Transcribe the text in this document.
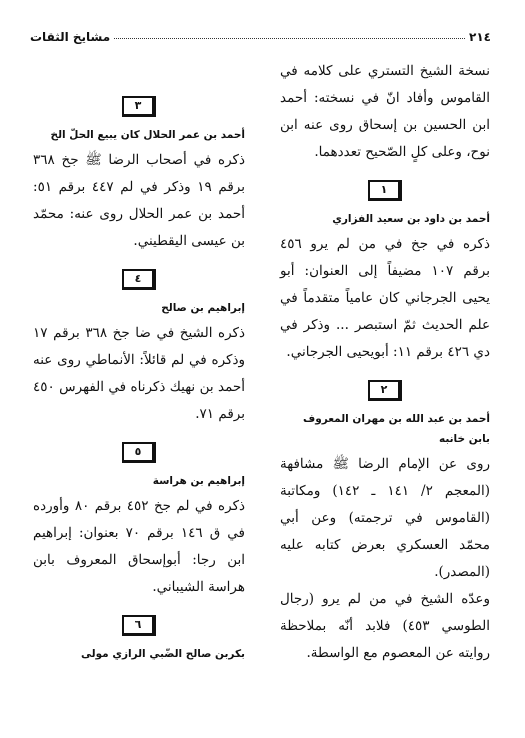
٢١٤
مشايخ الثقات

نسخة الشيخ التستري على كلامه في القاموس وأفاد انّ في نسخته: أحمد ابن الحسين بن إسحاق روى عنه ابن نوح، وعلى كلٍ الصّحيح تعددهما.

١
أحمد بن داود بن سعيد الفزاري

ذكره في جخ في من لم يرو ٤٥٦ برقم ١٠٧ مضيفاً إلى العنوان: أبو يحيى الجرجاني كان عامياً متقدماً في علم الحديث ثمّ استبصر ... وذكر في دي ٤٢٦ برقم ١١: أبويحيى الجرجاني.

٢
أحمد بن عبد الله بن مهران المعروف بابن خانبه

روى عن الإمام الرضا ﷺ مشافهة (المعجم ٢/ ١٤١ ـ ١٤٢) ومكاتبة (القاموس في ترجمته) وعن أبي محمّد العسكري بعرض كتابه عليه (المصدر).

وعدّه الشيخ في من لم يرو (رجال الطوسي ٤٥٣) فلابد أنّه بملاحظة روايته عن المعصوم مع الواسطة.

٣
أحمد بن عمر الحلال كان يبيع الحلّ الخ

ذكره في أصحاب الرضا ﷺ جخ ٣٦٨ برقم ١٩ وذكر في لم ٤٤٧ برقم ٥١: أحمد بن عمر الحلال روى عنه: محمّد بن عيسى اليقطيني.

٤
إبراهيم بن صالح

ذكره الشيخ في ضا جخ ٣٦٨ برقم ١٧ وذكره في لم قائلاً: الأنماطي روى عنه أحمد بن نهيك ذكرناه في الفهرس ٤٥٠ برقم ٧١.

٥
إبراهيم بن هراسة

ذكره في لم جخ ٤٥٢ برقم ٨٠ وأورده في ق ١٤٦ برقم ٧٠ بعنوان: إبراهيم ابن رجا: أبوإسحاق المعروف بابن هراسة الشيباني.

٦
بكربن صالح الضّبي الرازي مولى
